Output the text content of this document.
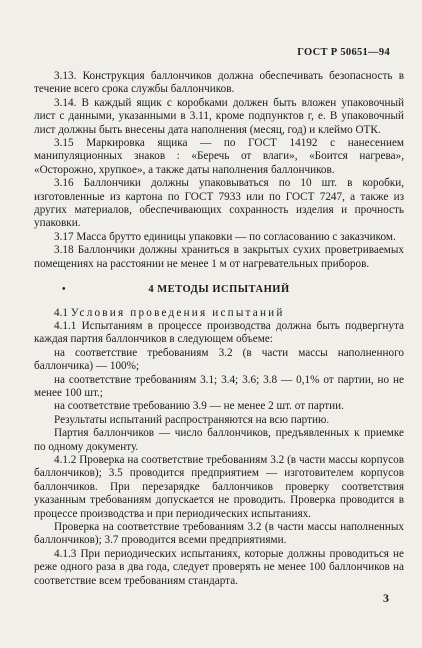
ГОСТ Р 50651—94

3.13. Конструкция баллончиков должна обеспечивать безопасность в течение всего срока службы баллончиков.

3.14. В каждый ящик с коробками должен быть вложен упаковочный лист с данными, указанными в 3.11, кроме подпунктов г, е. В упаковочный лист должны быть внесены дата наполнения (месяц, год) и клеймо ОТК.

3.15 Маркировка ящика — по ГОСТ 14192 с нанесением манипуляционных знаков : «Беречь от влаги», «Боится нагрева», «Осторожно, хрупкое», а также даты наполнения баллончиков.

3.16 Баллончики должны упаковываться по 10 шт. в коробки, изготовленные из картона по ГОСТ 7933 или по ГОСТ 7247, а также из других материалов, обеспечивающих сохранность изделия и прочность упаковки.

3.17 Масса брутто единицы упаковки — по согласованию с заказчиком.

3.18 Баллончики должны храниться в закрытых сухих проветриваемых помещениях на расстоянии не менее 1 м от нагревательных приборов.

•	4 МЕТОДЫ ИСПЫТАНИЙ

4.1 Условия проведения испытаний

4.1.1 Испытаниям в процессе производства должна быть подвергнута каждая партия баллончиков в следующем объеме:

на соответствие требованиям 3.2 (в части массы наполненного баллончика) — 100%;

на соответствие требованиям 3.1; 3.4; 3.6; 3.8 — 0,1% от партии, но не менее 100 шт.;

на соответствие требованию 3.9 — не менее 2 шт. от партии.

Результаты испытаний распространяются на всю партию.

Партия баллончиков — число баллончиков, предъявленных к приемке по одному документу.

4.1.2 Проверка на соответствие требованиям 3.2 (в части массы корпусов баллончиков); 3.5 проводится предприятием — изготовителем корпусов баллончиков. При перезарядке баллончиков проверку соответствия указанным требованиям допускается не проводить. Проверка проводится в процессе производства и при периодических испытаниях.

Проверка на соответствие требованиям 3.2 (в части массы наполненных баллончиков); 3.7 проводится всеми предприятиями.

4.1.3 При периодических испытаниях, которые должны проводиться не реже одного раза в два года, следует проверять не менее 100 баллончиков на соответствие всем требованиям стандарта.

3
